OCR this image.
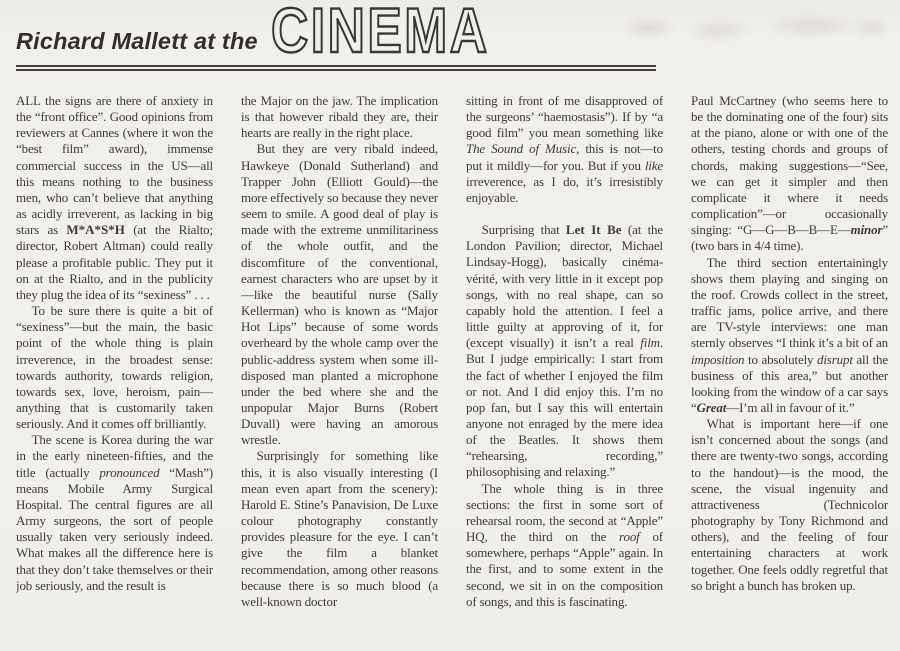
Richard Mallett at the CINEMA

ALL the signs are there of anxiety in the “front office”. Good opinions from reviewers at Cannes (where it won the “best film” award), immense commercial success in the US—all this means nothing to the business men, who can’t believe that anything as acidly irreverent, as lacking in big stars as M*A*S*H (at the Rialto; director, Robert Altman) could really please a profitable public. They put it on at the Rialto, and in the publicity they plug the idea of its “sexiness” . . .

To be sure there is quite a bit of “sexiness”—but the main, the basic point of the whole thing is plain irreverence, in the broadest sense: towards authority, towards religion, towards sex, love, heroism, pain—anything that is customarily taken seriously. And it comes off brilliantly.

The scene is Korea during the war in the early nineteen-fifties, and the title (actually pronounced “Mash”) means Mobile Army Surgical Hospital. The central figures are all Army surgeons, the sort of people usually taken very seriously indeed. What makes all the difference here is that they don’t take themselves or their job seriously, and the result is

the Major on the jaw. The implication is that however ribald they are, their hearts are really in the right place.

But they are very ribald indeed, Hawkeye (Donald Sutherland) and Trapper John (Elliott Gould)—the more effectively so because they never seem to smile. A good deal of play is made with the extreme unmilitariness of the whole outfit, and the discomfiture of the conventional, earnest characters who are upset by it—like the beautiful nurse (Sally Kellerman) who is known as “Major Hot Lips” because of some words overheard by the whole camp over the public-address system when some ill-disposed man planted a microphone under the bed where she and the unpopular Major Burns (Robert Duvall) were having an amorous wrestle.

Surprisingly for something like this, it is also visually interesting (I mean even apart from the scenery): Harold E. Stine’s Panavision, De Luxe colour photography constantly provides pleasure for the eye. I can’t give the film a blanket recommendation, among other reasons because there is so much blood (a well-known doctor

sitting in front of me disapproved of the surgeons’ “haemostasis”). If by “a good film” you mean something like The Sound of Music, this is not—to put it mildly—for you. But if you like irreverence, as I do, it’s irresistibly enjoyable.

Surprising that Let It Be (at the London Pavilion; director, Michael Lindsay-Hogg), basically cinéma-vérité, with very little in it except pop songs, with no real shape, can so capably hold the attention. I feel a little guilty at approving of it, for (except visually) it isn’t a real film. But I judge empirically: I start from the fact of whether I enjoyed the film or not. And I did enjoy this. I’m no pop fan, but I say this will entertain anyone not enraged by the mere idea of the Beatles. It shows them “rehearsing, recording,” philosophising and relaxing.”

The whole thing is in three sections: the first in some sort of rehearsal room, the second at “Apple” HQ, the third on the roof of somewhere, perhaps “Apple” again. In the first, and to some extent in the second, we sit in on the composition of songs, and this is fascinating.

Paul McCartney (who seems here to be the dominating one of the four) sits at the piano, alone or with one of the others, testing chords and groups of chords, making suggestions—“See, we can get it simpler and then complicate it where it needs complication”—or occasionally singing: “G—G—B—B—E—minor” (two bars in 4/4 time).

The third section entertainingly shows them playing and singing on the roof. Crowds collect in the street, traffic jams, police arrive, and there are TV-style interviews: one man sternly observes “I think it’s a bit of an imposition to absolutely disrupt all the business of this area,” but another looking from the window of a car says “Great—I’m all in favour of it.”

What is important here—if one isn’t concerned about the songs (and there are twenty-two songs, according to the handout)—is the mood, the scene, the visual ingenuity and attractiveness (Technicolor photography by Tony Richmond and others), and the feeling of four entertaining characters at work together. One feels oddly regretful that so bright a bunch has broken up.
